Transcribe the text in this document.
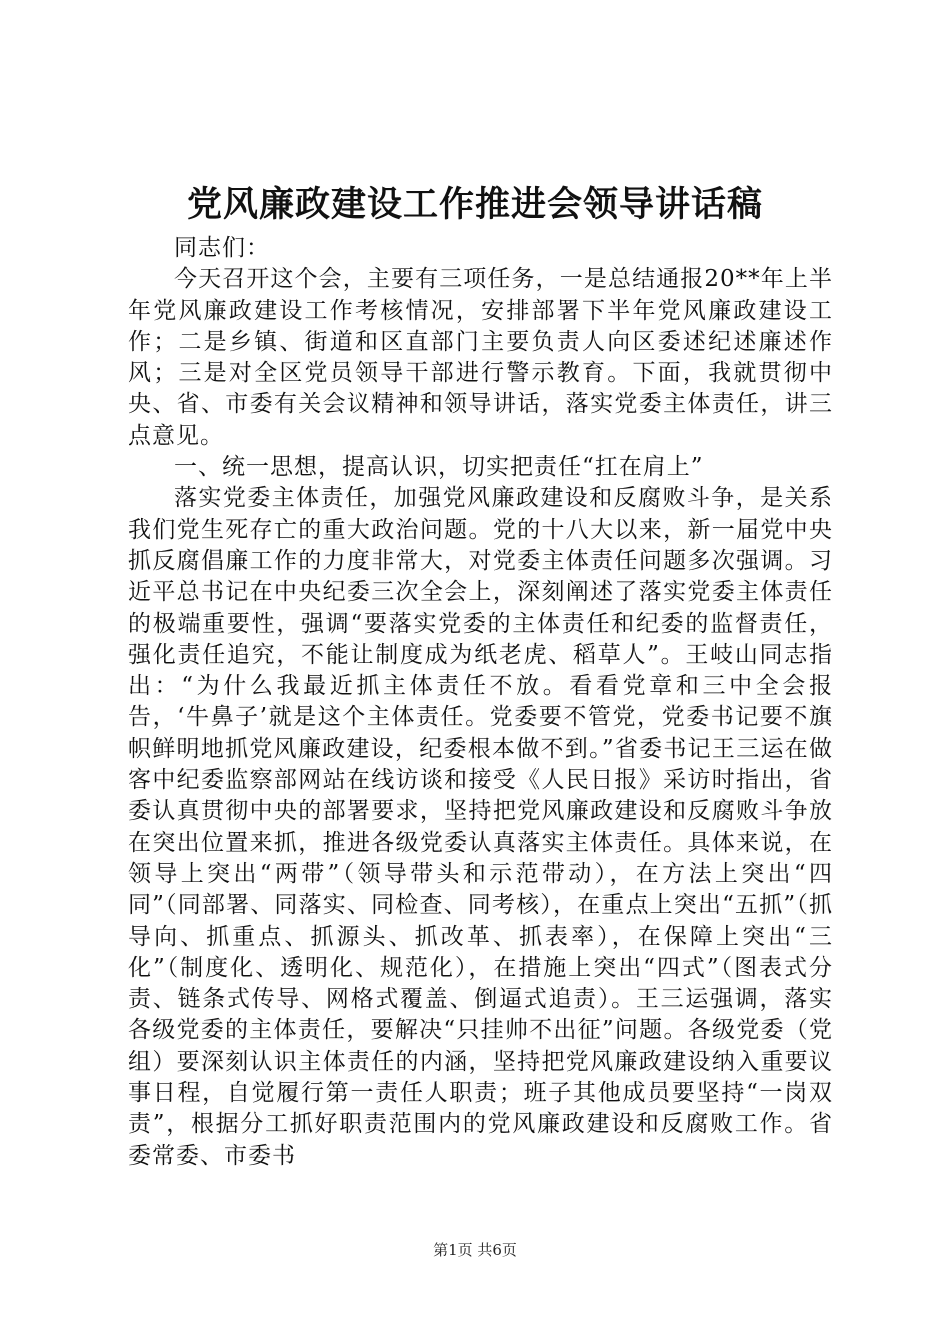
党风廉政建设工作推进会领导讲话稿

同志们：

今天召开这个会，主要有三项任务，一是总结通报20**年上半年党风廉政建设工作考核情况，安排部署下半年党风廉政建设工作；二是乡镇、街道和区直部门主要负责人向区委述纪述廉述作风；三是对全区党员领导干部进行警示教育。下面，我就贯彻中央、省、市委有关会议精神和领导讲话，落实党委主体责任，讲三点意见。

一、统一思想，提高认识，切实把责任“扛在肩上”

落实党委主体责任，加强党风廉政建设和反腐败斗争，是关系我们党生死存亡的重大政治问题。党的十八大以来，新一届党中央抓反腐倡廉工作的力度非常大，对党委主体责任问题多次强调。习近平总书记在中央纪委三次全会上，深刻阐述了落实党委主体责任的极端重要性，强调“要落实党委的主体责任和纪委的监督责任，强化责任追究，不能让制度成为纸老虎、稻草人”。王岐山同志指出：“为什么我最近抓主体责任不放。看看党章和三中全会报告，‘牛鼻子’就是这个主体责任。党委要不管党，党委书记要不旗帜鲜明地抓党风廉政建设，纪委根本做不到。”省委书记王三运在做客中纪委监察部网站在线访谈和接受《人民日报》采访时指出，省委认真贯彻中央的部署要求，坚持把党风廉政建设和反腐败斗争放在突出位置来抓，推进各级党委认真落实主体责任。具体来说，在领导上突出“两带”（领导带头和示范带动），在方法上突出“四同”（同部署、同落实、同检查、同考核），在重点上突出“五抓”（抓导向、抓重点、抓源头、抓改革、抓表率），在保障上突出“三化”（制度化、透明化、规范化），在措施上突出“四式”（图表式分责、链条式传导、网格式覆盖、倒逼式追责）。王三运强调，落实各级党委的主体责任，要解决“只挂帅不出征”问题。各级党委（党组）要深刻认识主体责任的内涵，坚持把党风廉政建设纳入重要议事日程，自觉履行第一责任人职责；班子其他成员要坚持“一岗双责”，根据分工抓好职责范围内的党风廉政建设和反腐败工作。省委常委、市委书

第1页 共6页
